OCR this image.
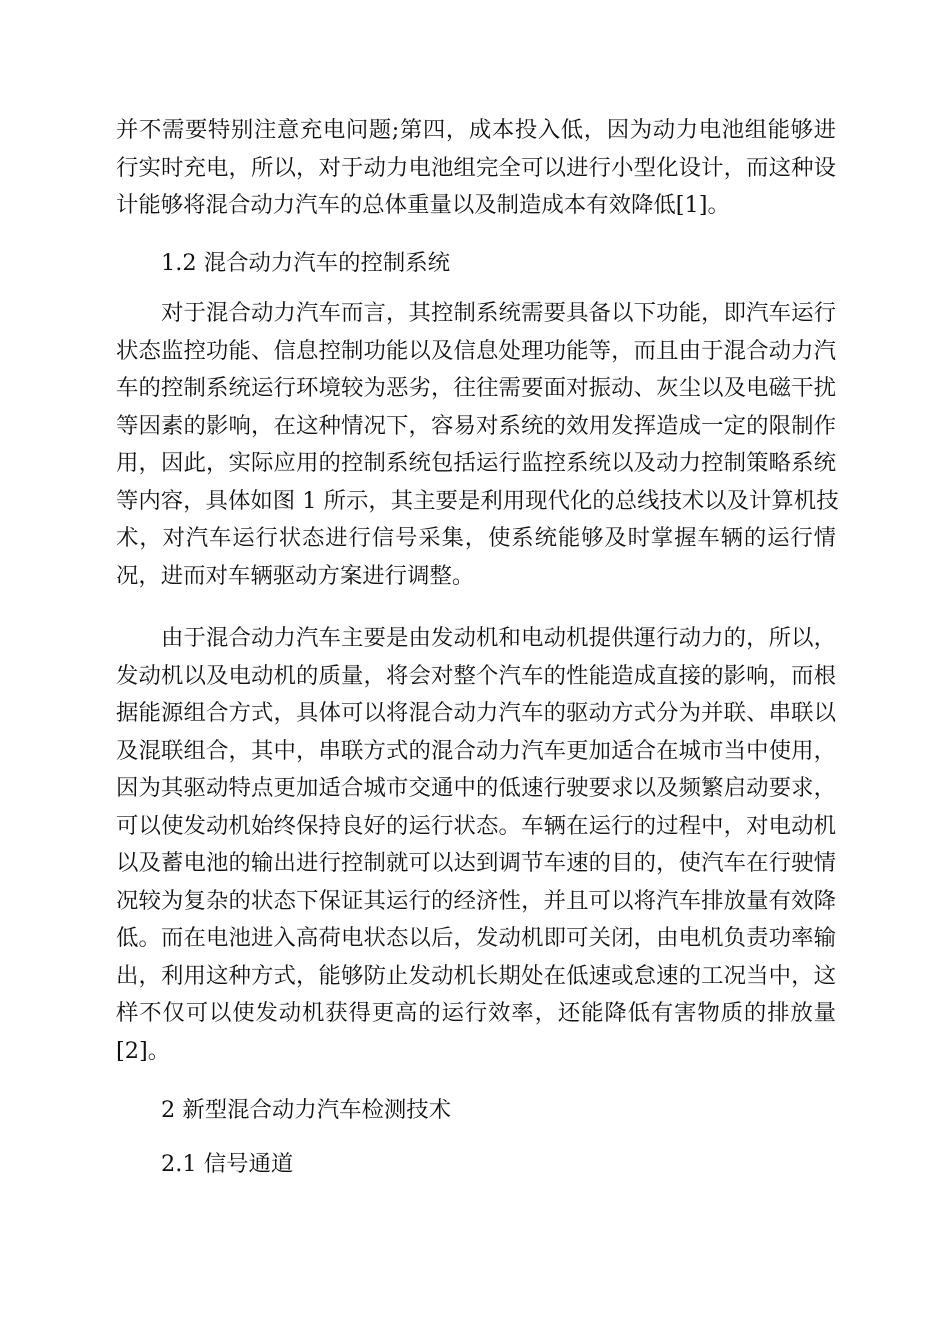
并不需要特别注意充电问题;第四，成本投入低，因为动力电池组能够进
行实时充电，所以，对于动力电池组完全可以进行小型化设计，而这种设
计能够将混合动力汽车的总体重量以及制造成本有效降低[1]。
1.2 混合动力汽车的控制系统
对于混合动力汽车而言，其控制系统需要具备以下功能，即汽车运行
状态监控功能、信息控制功能以及信息处理功能等，而且由于混合动力汽
车的控制系统运行环境较为恶劣，往往需要面对振动、灰尘以及电磁干扰
等因素的影响，在这种情况下，容易对系统的效用发挥造成一定的限制作
用，因此，实际应用的控制系统包括运行监控系统以及动力控制策略系统
等内容，具体如图 1 所示，其主要是利用现代化的总线技术以及计算机技
术，对汽车运行状态进行信号采集，使系统能够及时掌握车辆的运行情
况，进而对车辆驱动方案进行调整。
由于混合动力汽车主要是由发动机和电动机提供運行动力的，所以，
发动机以及电动机的质量，将会对整个汽车的性能造成直接的影响，而根
据能源组合方式，具体可以将混合动力汽车的驱动方式分为并联、串联以
及混联组合，其中，串联方式的混合动力汽车更加适合在城市当中使用，
因为其驱动特点更加适合城市交通中的低速行驶要求以及频繁启动要求，
可以使发动机始终保持良好的运行状态。车辆在运行的过程中，对电动机
以及蓄电池的输出进行控制就可以达到调节车速的目的，使汽车在行驶情
况较为复杂的状态下保证其运行的经济性，并且可以将汽车排放量有效降
低。而在电池进入高荷电状态以后，发动机即可关闭，由电机负责功率输
出，利用这种方式，能够防止发动机长期处在低速或怠速的工况当中，这
样不仅可以使发动机获得更高的运行效率，还能降低有害物质的排放量
[2]。
2 新型混合动力汽车检测技术
2.1 信号通道
